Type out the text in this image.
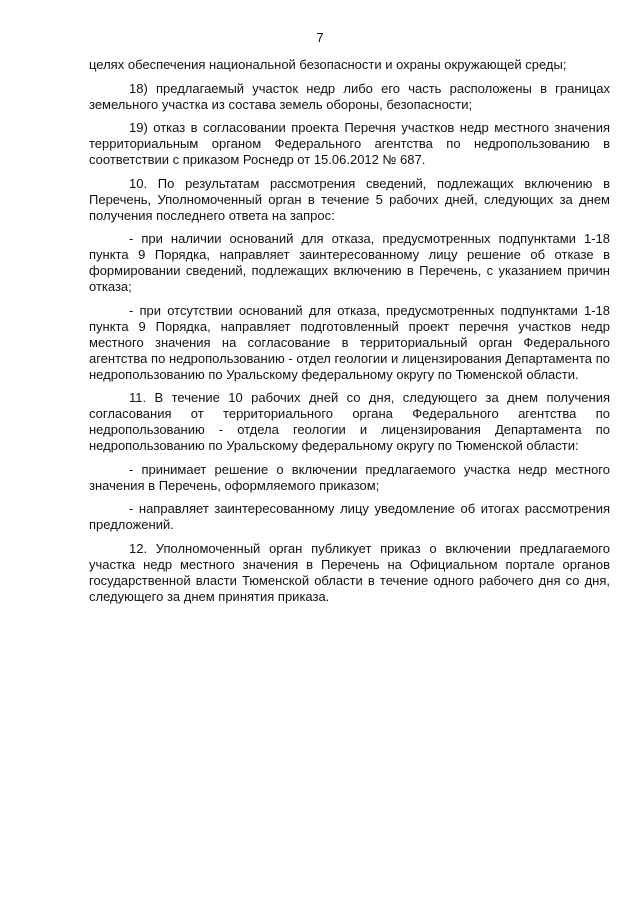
7

целях обеспечения национальной безопасности и охраны окружающей среды;

18) предлагаемый участок недр либо его часть расположены в границах земельного участка из состава земель обороны, безопасности;

19) отказ в согласовании проекта Перечня участков недр местного значения территориальным органом Федерального агентства по недропользованию в соответствии с приказом Роснедр от 15.06.2012 № 687.

10. По результатам рассмотрения сведений, подлежащих включению в Перечень, Уполномоченный орган в течение 5 рабочих дней, следующих за днем получения последнего ответа на запрос:

- при наличии оснований для отказа, предусмотренных подпунктами 1-18 пункта 9 Порядка, направляет заинтересованному лицу решение об отказе в формировании сведений, подлежащих включению в Перечень, с указанием причин отказа;

- при отсутствии оснований для отказа, предусмотренных подпунктами 1-18 пункта 9 Порядка, направляет подготовленный проект перечня участков недр местного значения на согласование в территориальный орган Федерального агентства по недропользованию - отдел геологии и лицензирования Департамента по недропользованию по Уральскому федеральному округу по Тюменской области.

11. В течение 10 рабочих дней со дня, следующего за днем получения согласования от территориального органа Федерального агентства по недропользованию - отдела геологии и лицензирования Департамента по недропользованию по Уральскому федеральному округу по Тюменской области:

- принимает решение о включении предлагаемого участка недр местного значения в Перечень, оформляемого приказом;

- направляет заинтересованному лицу уведомление об итогах рассмотрения предложений.

12. Уполномоченный орган публикует приказ о включении предлагаемого участка недр местного значения в Перечень на Официальном портале органов государственной власти Тюменской области в течение одного рабочего дня со дня, следующего за днем принятия приказа.
